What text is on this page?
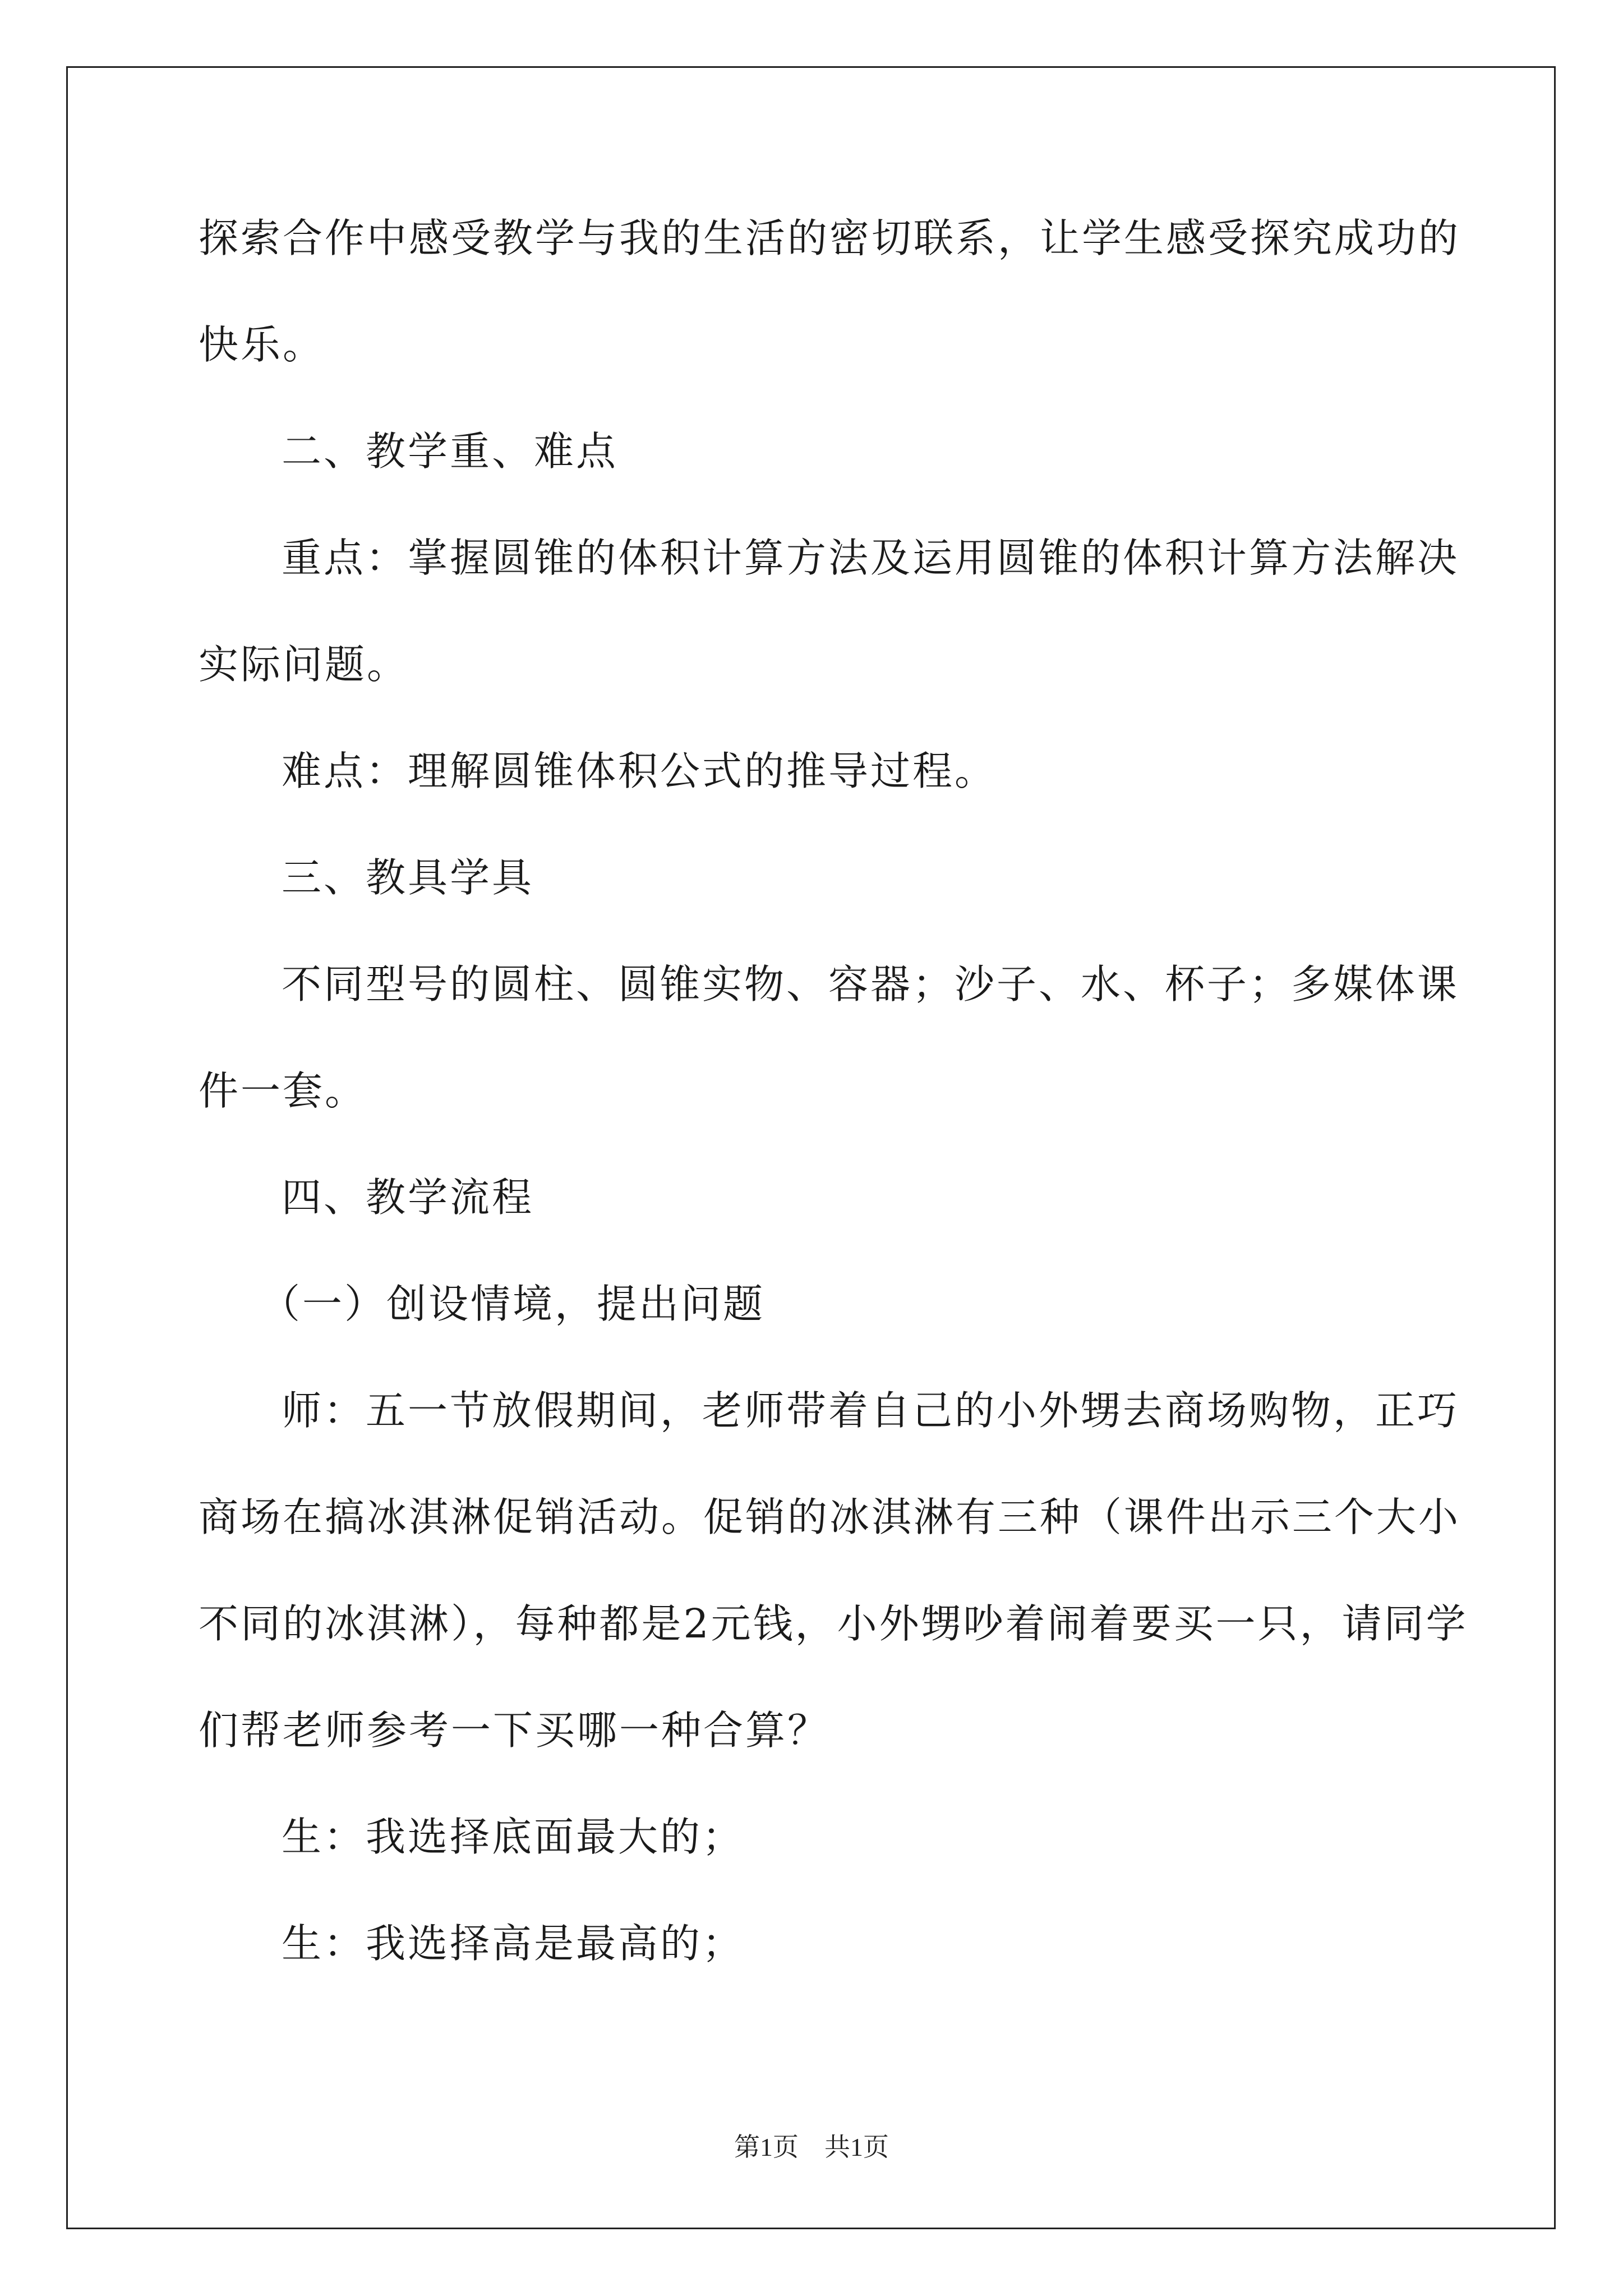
探索合作中感受教学与我的生活的密切联系，让学生感受探究成功的
快乐。
二、教学重、难点
重点：掌握圆锥的体积计算方法及运用圆锥的体积计算方法解决
实际问题。
难点：理解圆锥体积公式的推导过程。
三、教具学具
不同型号的圆柱、圆锥实物、容器；沙子、水、杯子；多媒体课
件一套。
四、教学流程
（一）创设情境，提出问题
师：五一节放假期间，老师带着自己的小外甥去商场购物，正巧
商场在搞冰淇淋促销活动。促销的冰淇淋有三种（课件出示三个大小
不同的冰淇淋），每种都是2元钱，小外甥吵着闹着要买一只，请同学
们帮老师参考一下买哪一种合算？
生：我选择底面最大的；
生：我选择高是最高的；
第1页　共1页
